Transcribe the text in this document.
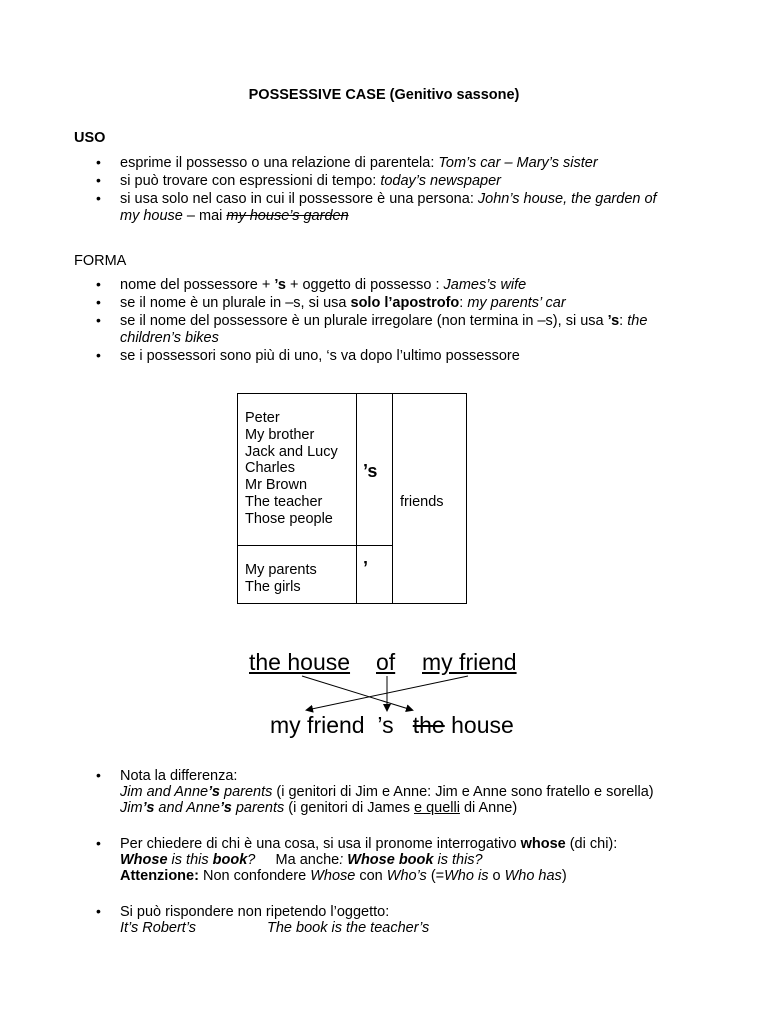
POSSESSIVE CASE (Genitivo sassone)
USO
• esprime il possesso o una relazione di parentela: Tom’s car – Mary’s sister
• si può trovare con espressioni di tempo: today’s newspaper
• si usa solo nel caso in cui il possessore è una persona: John’s house, the garden of
my house – mai my house’s garden
FORMA
• nome del possessore + ’s + oggetto di possesso : James’s wife
• se il nome è un plurale in –s, si usa solo l’apostrofo: my parents’ car
• se il nome del possessore è un plurale irregolare (non termina in –s), si usa ’s: the
children’s bikes
• se i possessori sono più di uno, ‘s va dopo l’ultimo possessore
Peter
My brother
Jack and Lucy
Charles
Mr Brown
The teacher
Those people
’s
friends
My parents
The girls
’
the house of my friend
my friend ’s the house
• Nota la differenza:
Jim and Anne’s parents (i genitori di Jim e Anne: Jim e Anne sono fratello e sorella)
Jim’s and Anne’s parents (i genitori di James e quelli di Anne)
• Per chiedere di chi è una cosa, si usa il pronome interrogativo whose (di chi):
Whose is this book?     Ma anche: Whose book is this?
Attenzione: Non confondere Whose con Who’s (=Who is o Who has)
• Si può rispondere non ripetendo l’oggetto:
It’s Robert’s	The book is the teacher’s
